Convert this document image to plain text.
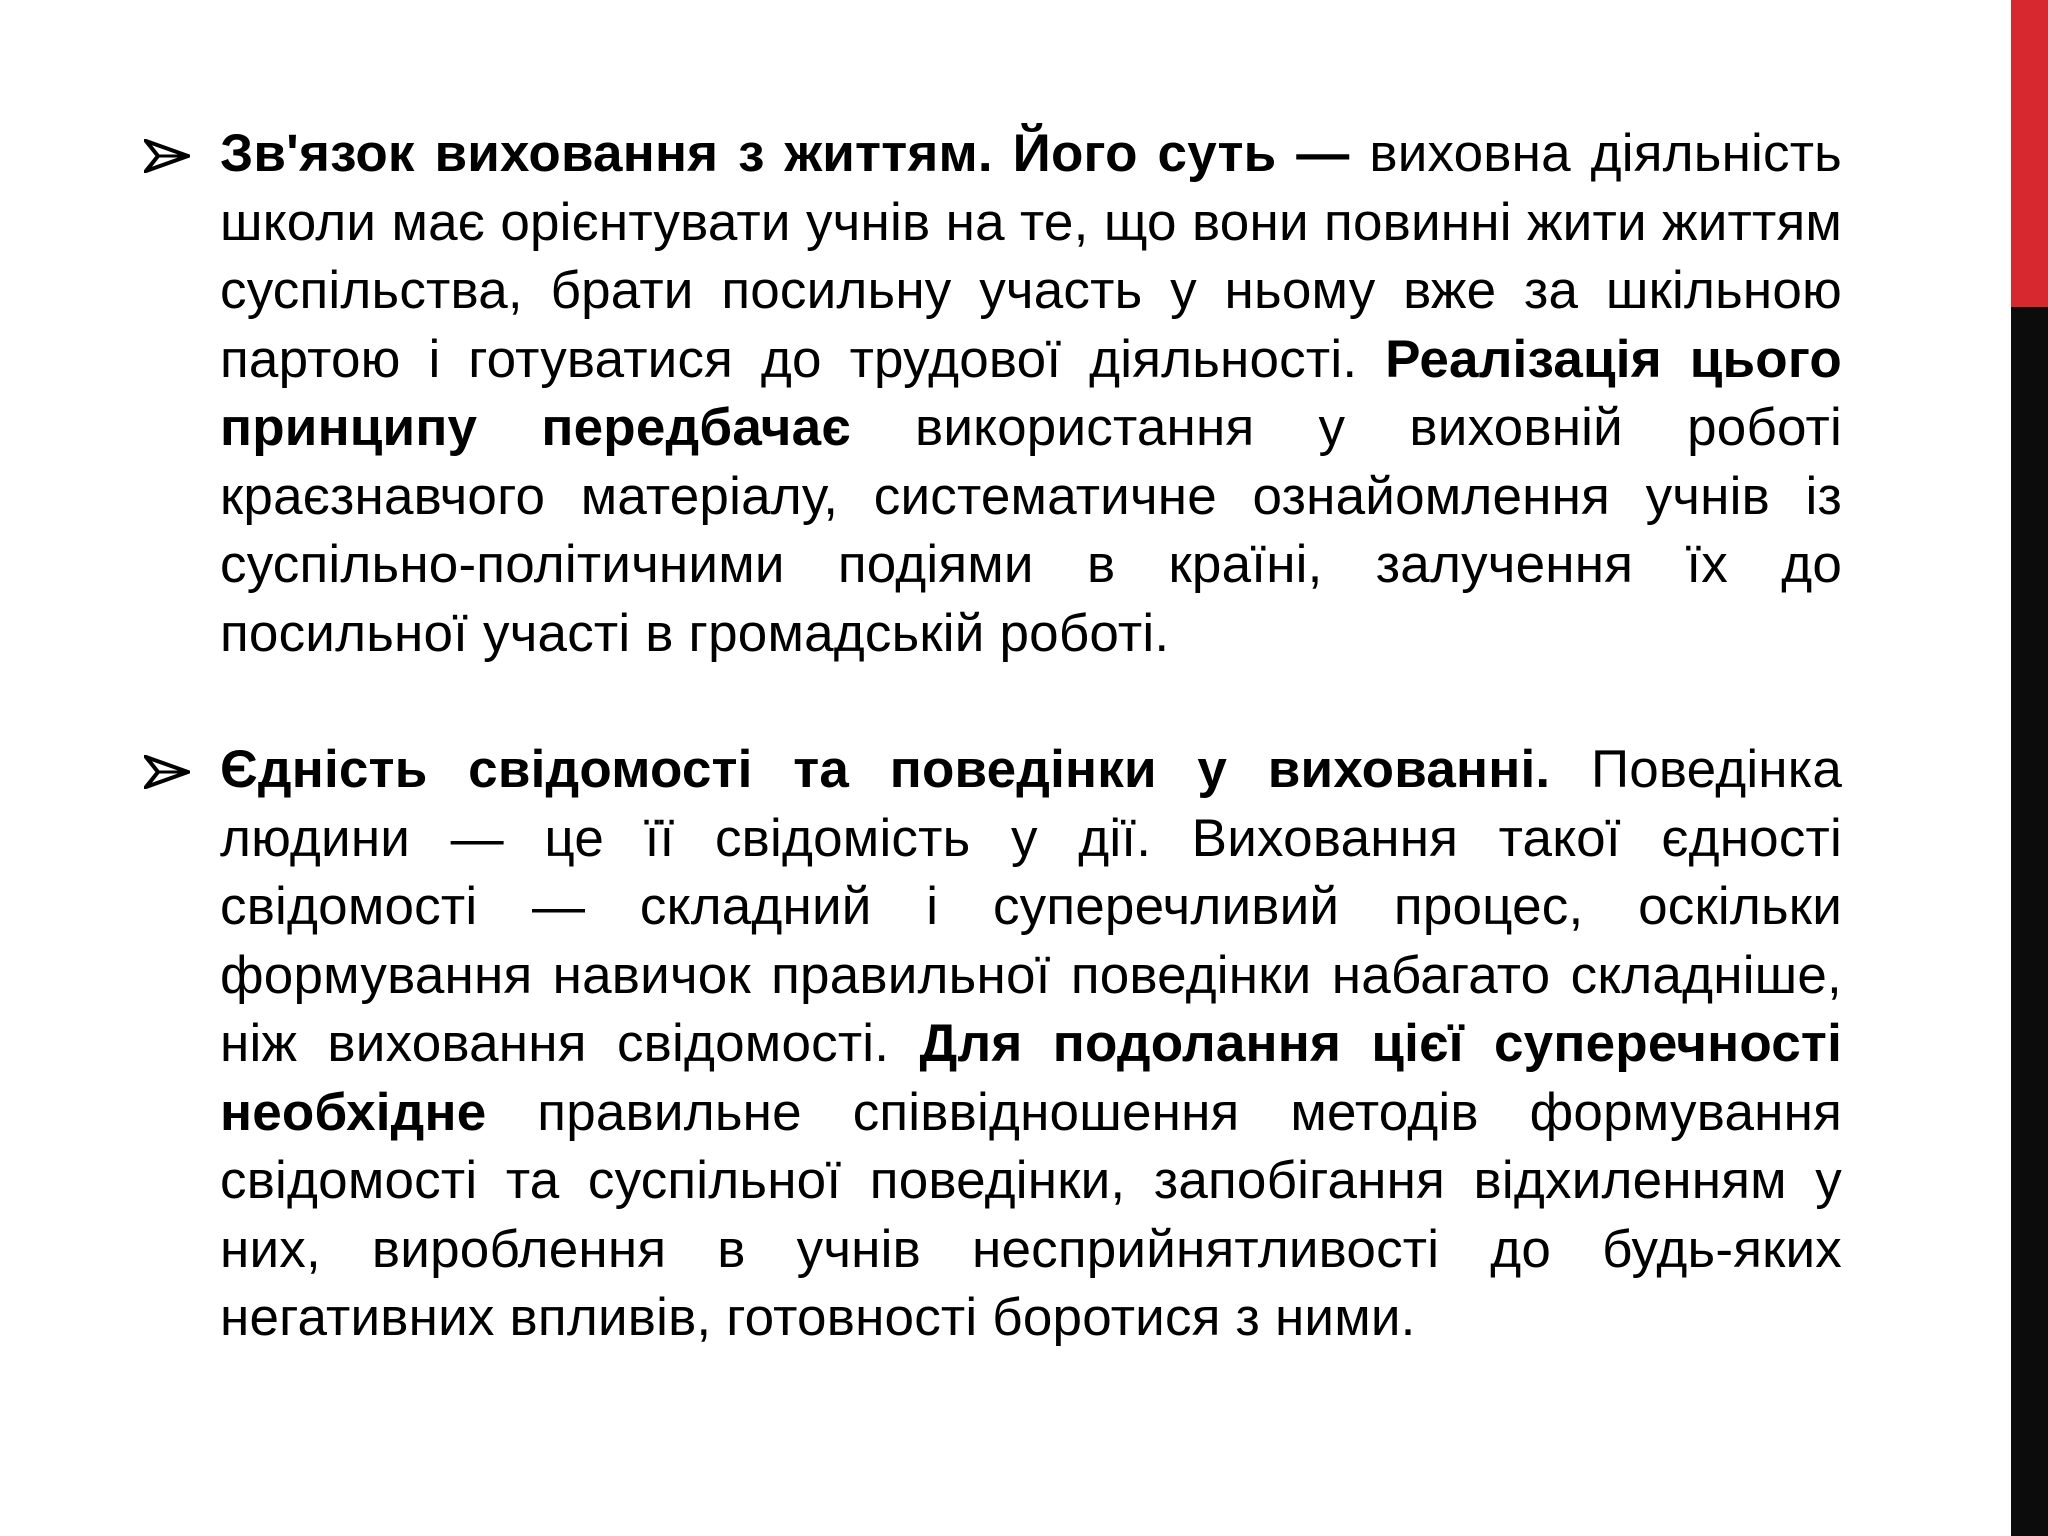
Зв'язок виховання з життям. Його суть — виховна діяльність школи має орієнтувати учнів на те, що вони повинні жити життям суспільства, брати посильну участь у ньому вже за шкільною партою і готуватися до трудової діяльності. Реалізація цього принципу передбачає використання у виховній роботі краєзнавчого матеріалу, систематичне ознайомлення учнів із суспільно-політичними подіями в країні, залучення їх до посильної участі в громадській роботі.
Єдність свідомості та поведінки у вихованні. Поведінка людини — це її свідомість у дії. Виховання такої єдності свідомості — складний і суперечливий процес, оскільки формування навичок правильної поведінки набагато складніше, ніж виховання свідомості. Для подолання цієї суперечності необхідне правильне співвідношення методів формування свідомості та суспільної поведінки, запобігання відхиленням у них, вироблення в учнів несприйнятливості до будь-яких негативних впливів, готовності боротися з ними.
